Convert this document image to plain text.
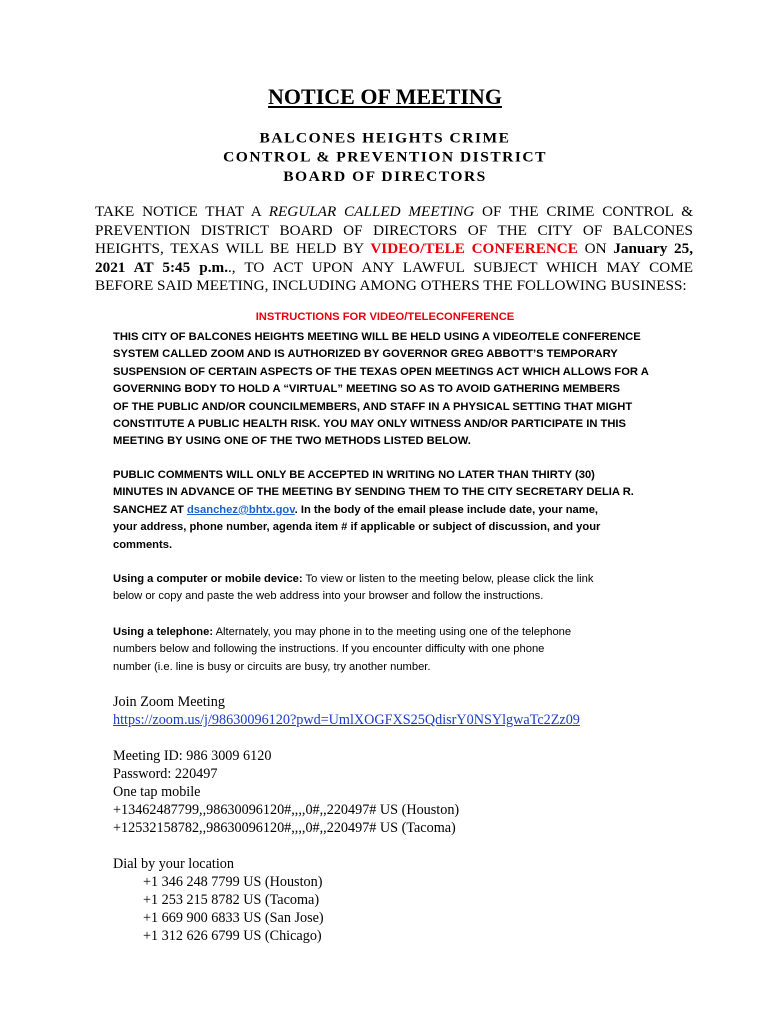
NOTICE OF MEETING
BALCONES HEIGHTS CRIME
CONTROL & PREVENTION DISTRICT
BOARD OF DIRECTORS
TAKE NOTICE THAT A REGULAR CALLED MEETING OF THE CRIME CONTROL &
PREVENTION DISTRICT BOARD OF DIRECTORS OF THE CITY OF BALCONES
HEIGHTS, TEXAS WILL BE HELD BY VIDEO/TELE CONFERENCE ON January 25,
2021 AT 5:45 p.m.., TO ACT UPON ANY LAWFUL SUBJECT WHICH MAY COME
BEFORE SAID MEETING, INCLUDING AMONG OTHERS THE FOLLOWING BUSINESS:
INSTRUCTIONS FOR VIDEO/TELECONFERENCE
THIS CITY OF BALCONES HEIGHTS MEETING WILL BE HELD USING A VIDEO/TELE CONFERENCE
SYSTEM CALLED ZOOM AND IS AUTHORIZED BY GOVERNOR GREG ABBOTT’S TEMPORARY
SUSPENSION OF CERTAIN ASPECTS OF THE TEXAS OPEN MEETINGS ACT WHICH ALLOWS FOR A
GOVERNING BODY TO HOLD A “VIRTUAL” MEETING SO AS TO AVOID GATHERING MEMBERS
OF THE PUBLIC AND/OR COUNCILMEMBERS, AND STAFF IN A PHYSICAL SETTING THAT MIGHT
CONSTITUTE A PUBLIC HEALTH RISK. YOU MAY ONLY WITNESS AND/OR PARTICIPATE IN THIS
MEETING BY USING ONE OF THE TWO METHODS LISTED BELOW.
PUBLIC COMMENTS WILL ONLY BE ACCEPTED IN WRITING NO LATER THAN THIRTY (30)
MINUTES IN ADVANCE OF THE MEETING BY SENDING THEM TO THE CITY SECRETARY DELIA R.
SANCHEZ AT dsanchez@bhtx.gov. In the body of the email please include date, your name,
your address, phone number, agenda item # if applicable or subject of discussion, and your
comments.
Using a computer or mobile device: To view or listen to the meeting below, please click the link
below or copy and paste the web address into your browser and follow the instructions.
Using a telephone: Alternately, you may phone in to the meeting using one of the telephone
numbers below and following the instructions. If you encounter difficulty with one phone
number (i.e. line is busy or circuits are busy, try another number.
Join Zoom Meeting
https://zoom.us/j/98630096120?pwd=UmlXOGFXS25QdisrY0NSYlgwaTc2Zz09
Meeting ID: 986 3009 6120
Password: 220497
One tap mobile
+13462487799,,98630096120#,,,,0#,,220497# US (Houston)
+12532158782,,98630096120#,,,,0#,,220497# US (Tacoma)
Dial by your location
+1 346 248 7799 US (Houston)
+1 253 215 8782 US (Tacoma)
+1 669 900 6833 US (San Jose)
+1 312 626 6799 US (Chicago)
